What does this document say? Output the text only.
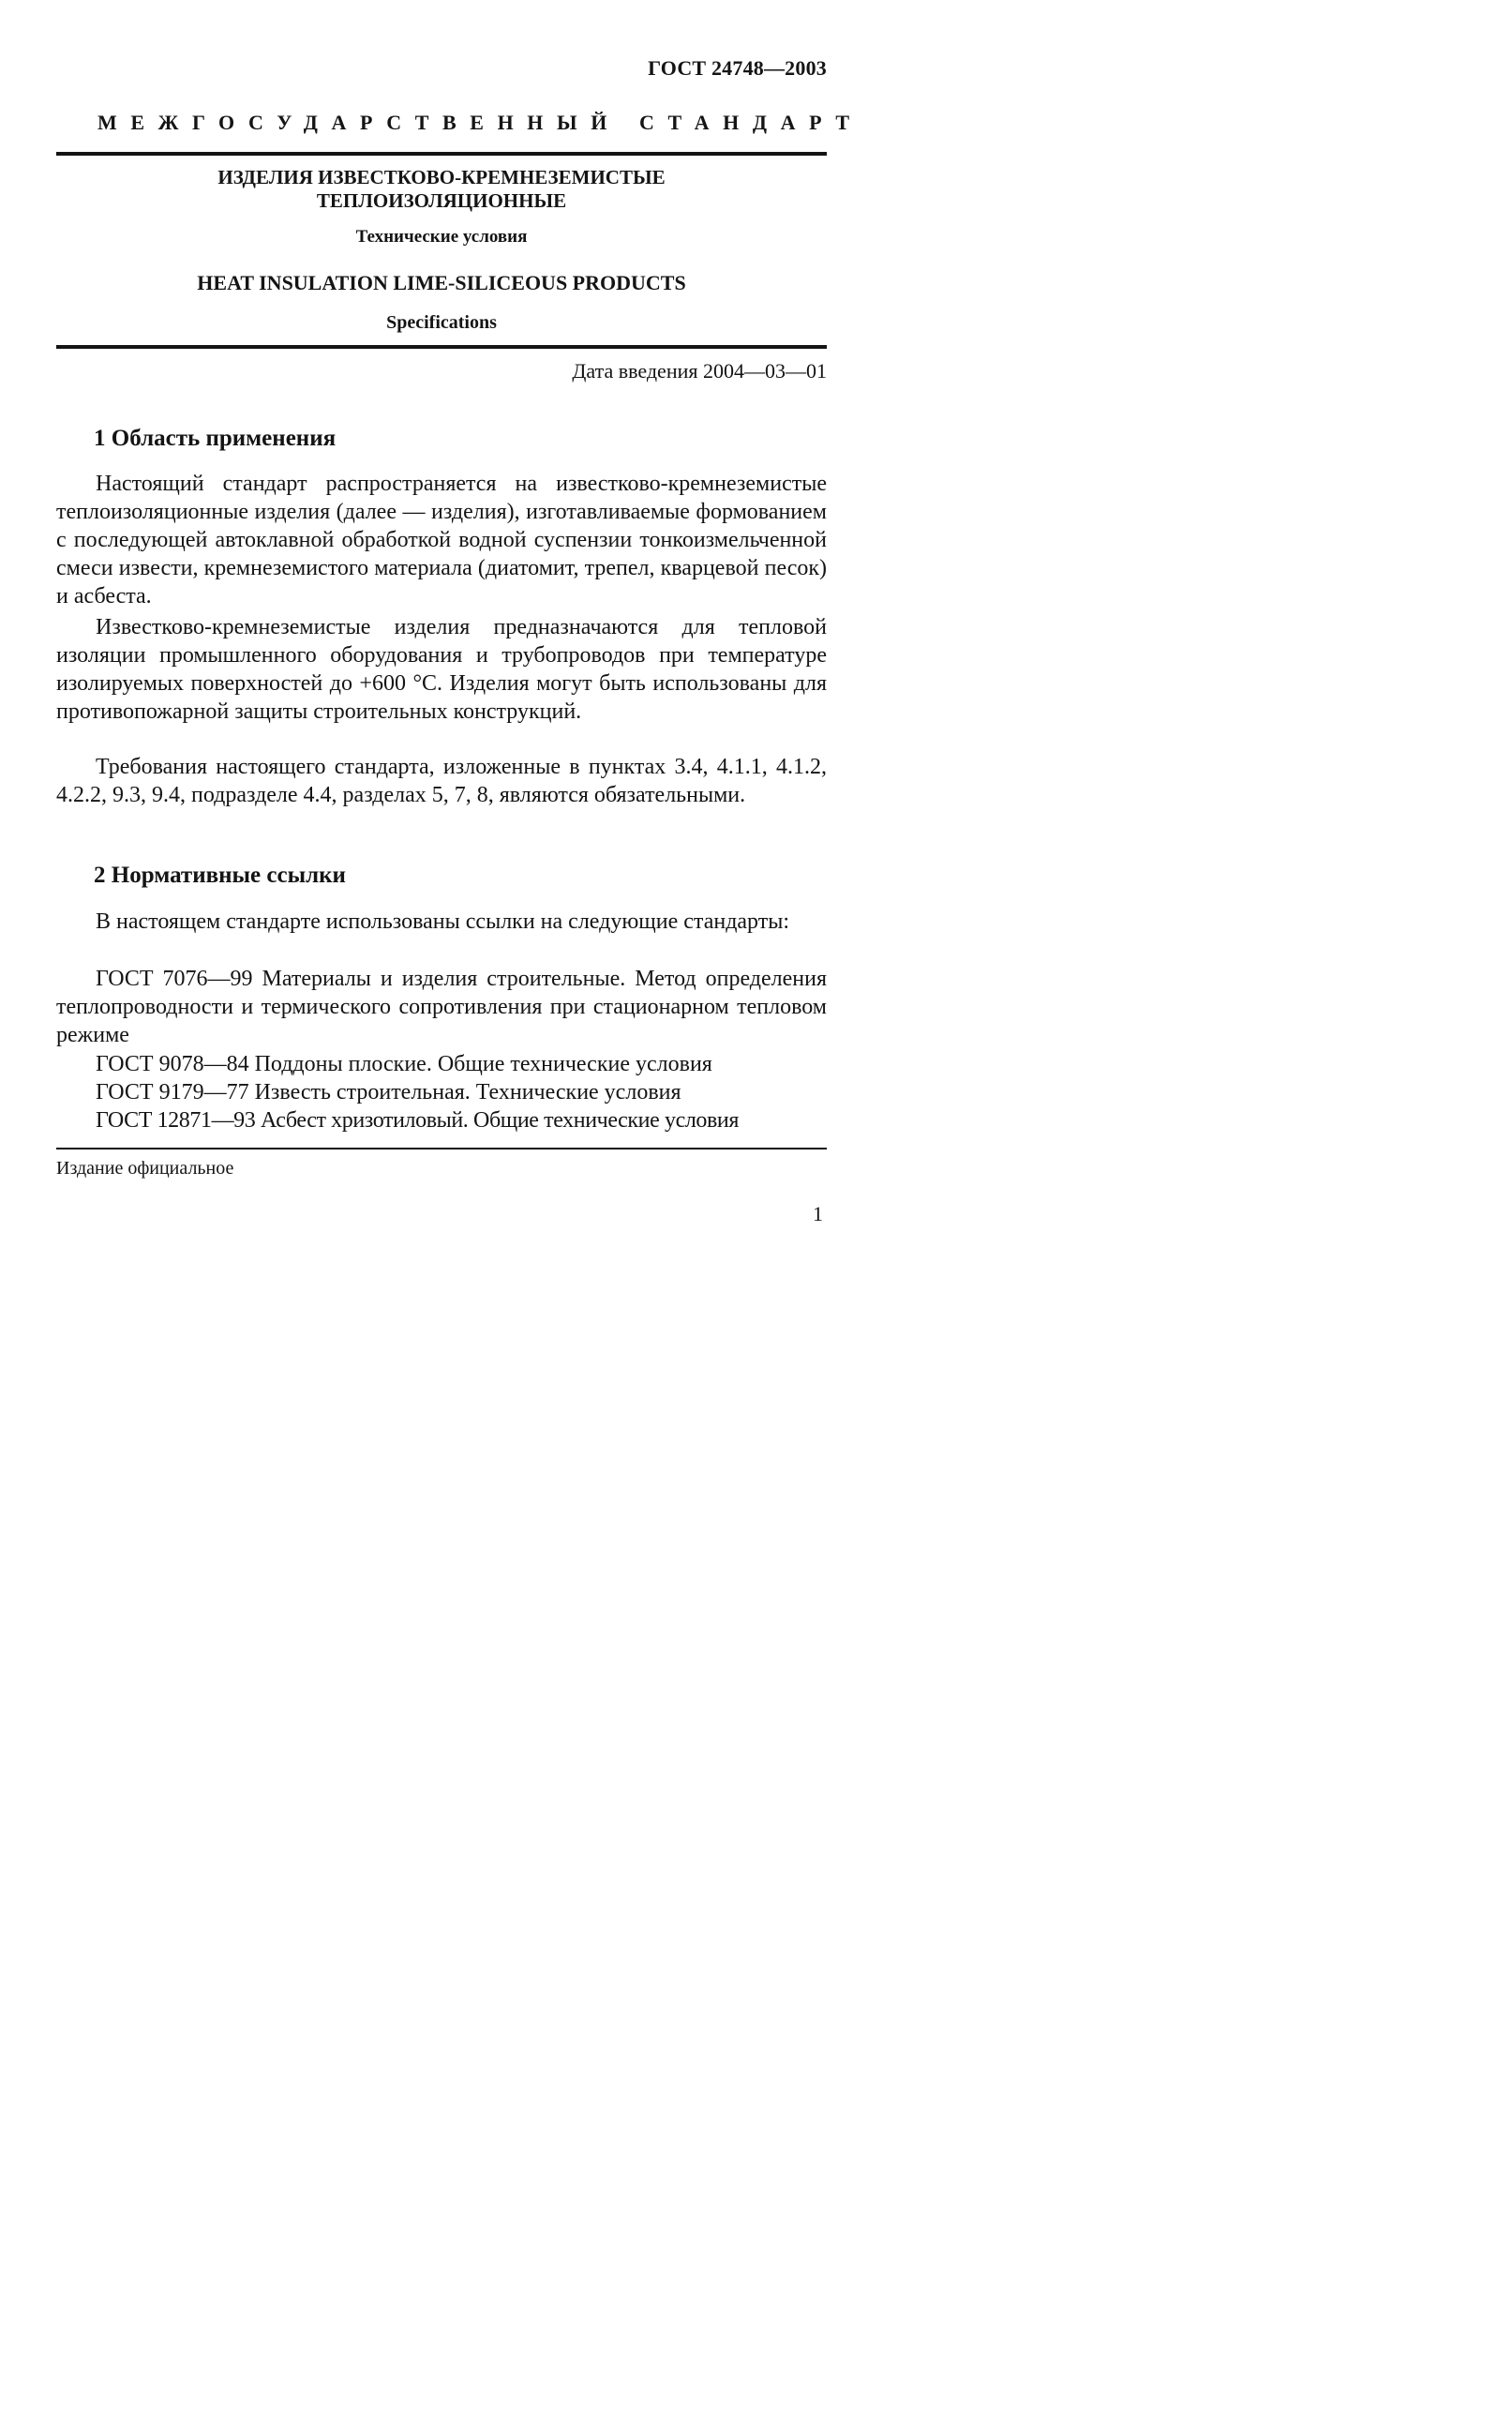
ГОСТ 24748—2003
МЕЖГОСУДАРСТВЕННЫЙ СТАНДАРТ
ИЗДЕЛИЯ ИЗВЕСТКОВО-КРЕМНЕЗЕМИСТЫЕ
ТЕПЛОИЗОЛЯЦИОННЫЕ
Технические условия
HEAT INSULATION LIME-SILICEOUS PRODUCTS
Specifications
Дата введения 2004—03—01
1 Область применения

Настоящий стандарт распространяется на известково-кремнеземистые теплоизоляционные изделия (далее — изделия), изготавливаемые формованием с последующей автоклавной обработкой водной суспензии тонкоизмельченной смеси извести, кремнеземистого материала (диатомит, трепел, кварцевой песок) и асбеста.

Известково-кремнеземистые изделия предназначаются для тепловой изоляции промышленного оборудования и трубопроводов при температуре изолируемых поверхностей до +600 °С. Изделия могут быть использованы для противопожарной защиты строительных конструкций.

Требования настоящего стандарта, изложенные в пунктах 3.4, 4.1.1, 4.1.2, 4.2.2, 9.3, 9.4, подразделе 4.4, разделах 5, 7, 8, являются обязательными.

2 Нормативные ссылки

В настоящем стандарте использованы ссылки на следующие стандарты:

ГОСТ 7076—99 Материалы и изделия строительные. Метод определения теплопроводности и термического сопротивления при стационарном тепловом режиме

ГОСТ 9078—84 Поддоны плоские. Общие технические условия

ГОСТ 9179—77 Известь строительная. Технические условия

ГОСТ 12871—93 Асбест хризотиловый. Общие технические условия

Издание официальное
1
